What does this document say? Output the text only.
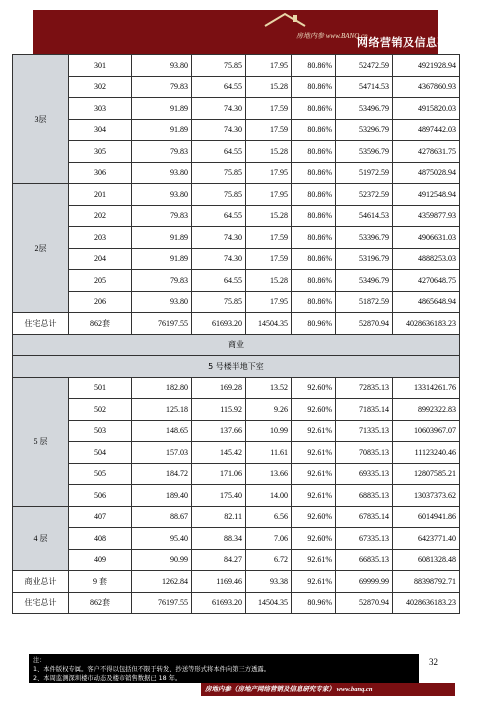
房地内参 www.BANQ.cn
网络营销及信息研究专家
3层	301	93.80	75.85	17.95	80.86%	52472.59	4921928.94
	302	79.83	64.55	15.28	80.86%	54714.53	4367860.93
	303	91.89	74.30	17.59	80.86%	53496.79	4915820.03
	304	91.89	74.30	17.59	80.86%	53296.79	4897442.03
	305	79.83	64.55	15.28	80.86%	53596.79	4278631.75
	306	93.80	75.85	17.95	80.86%	51972.59	4875028.94
2层	201	93.80	75.85	17.95	80.86%	52372.59	4912548.94
	202	79.83	64.55	15.28	80.86%	54614.53	4359877.93
	203	91.89	74.30	17.59	80.86%	53396.79	4906631.03
	204	91.89	74.30	17.59	80.86%	53196.79	4888253.03
	205	79.83	64.55	15.28	80.86%	53496.79	4270648.75
	206	93.80	75.85	17.95	80.86%	51872.59	4865648.94
住宅总计	862套	76197.55	61693.20	14504.35	80.96%	52870.94	4028636183.23
商业							
5 号楼半地下室							
5 层	501	182.80	169.28	13.52	92.60%	72835.13	13314261.76
	502	125.18	115.92	9.26	92.60%	71835.14	8992322.83
	503	148.65	137.66	10.99	92.61%	71335.13	10603967.07
	504	157.03	145.42	11.61	92.61%	70835.13	11123240.46
	505	184.72	171.06	13.66	92.61%	69335.13	12807585.21
	506	189.40	175.40	14.00	92.61%	68835.13	13037373.62
4 层	407	88.67	82.11	6.56	92.60%	67835.14	6014941.86
	408	95.40	88.34	7.06	92.60%	67335.13	6423771.40
	409	90.99	84.27	6.72	92.61%	66835.13	6081328.48
商业总计	9 套	1262.84	1169.46	93.38	92.61%	69999.99	88398792.71
住宅总计	862套	76197.55	61693.20	14504.35	80.96%	52870.94	4028636183.23
注：
1、本件版权专属。客户不得以包括但不限于转发、抄送等形式将本件向第三方透露。
2、本周监测深圳楼市动态及楼市销售数据已 18 年。
32
房地内参（房地产网络营销及信息研究专家） www.banq.cn
